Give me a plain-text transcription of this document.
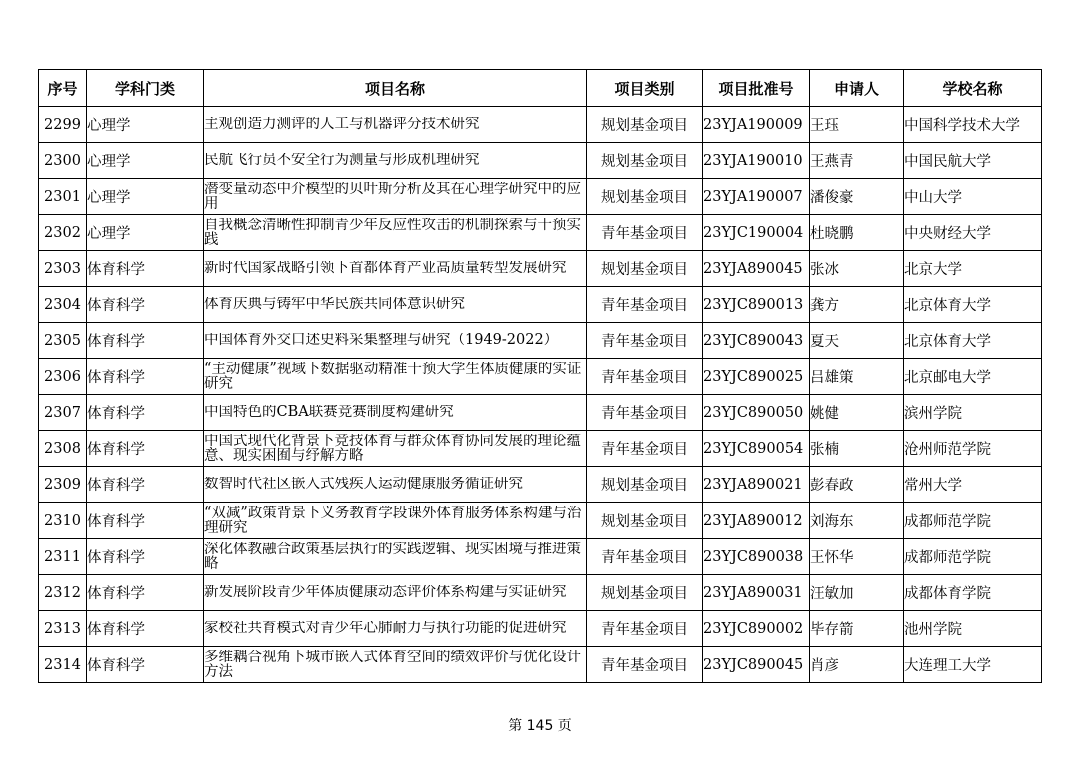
序号	学科门类	项目名称	项目类别	项目批准号	申请人	学校名称
2299	心理学	主观创造力测评的人工与机器评分技术研究	规划基金项目	23YJA190009	王珏	中国科学技术大学
2300	心理学	民航飞行员不安全行为测量与形成机理研究	规划基金项目	23YJA190010	王燕青	中国民航大学
2301	心理学	潜变量动态中介模型的贝叶斯分析及其在心理学研究中的应用	规划基金项目	23YJA190007	潘俊豪	中山大学
2302	心理学	自我概念清晰性抑制青少年反应性攻击的机制探索与干预实践	青年基金项目	23YJC190004	杜晓鹏	中央财经大学
2303	体育科学	新时代国家战略引领下首都体育产业高质量转型发展研究	规划基金项目	23YJA890045	张冰	北京大学
2304	体育科学	体育庆典与铸牢中华民族共同体意识研究	青年基金项目	23YJC890013	龚方	北京体育大学
2305	体育科学	中国体育外交口述史料采集整理与研究（1949-2022）	青年基金项目	23YJC890043	夏天	北京体育大学
2306	体育科学	“主动健康”视域下数据驱动精准干预大学生体质健康的实证研究	青年基金项目	23YJC890025	吕雄策	北京邮电大学
2307	体育科学	中国特色的CBA联赛竞赛制度构建研究	青年基金项目	23YJC890050	姚健	滨州学院
2308	体育科学	中国式现代化背景下竞技体育与群众体育协同发展的理论蕴意、现实困囿与纾解方略	青年基金项目	23YJC890054	张楠	沧州师范学院
2309	体育科学	数智时代社区嵌入式残疾人运动健康服务循证研究	规划基金项目	23YJA890021	彭春政	常州大学
2310	体育科学	“双减”政策背景下义务教育学段课外体育服务体系构建与治理研究	规划基金项目	23YJA890012	刘海东	成都师范学院
2311	体育科学	深化体教融合政策基层执行的实践逻辑、现实困境与推进策略	青年基金项目	23YJC890038	王怀华	成都师范学院
2312	体育科学	新发展阶段青少年体质健康动态评价体系构建与实证研究	规划基金项目	23YJA890031	汪敏加	成都体育学院
2313	体育科学	家校社共育模式对青少年心肺耐力与执行功能的促进研究	青年基金项目	23YJC890002	毕存箭	池州学院
2314	体育科学	多维耦合视角下城市嵌入式体育空间的绩效评价与优化设计方法	青年基金项目	23YJC890045	肖彦	大连理工大学
第 145 页
